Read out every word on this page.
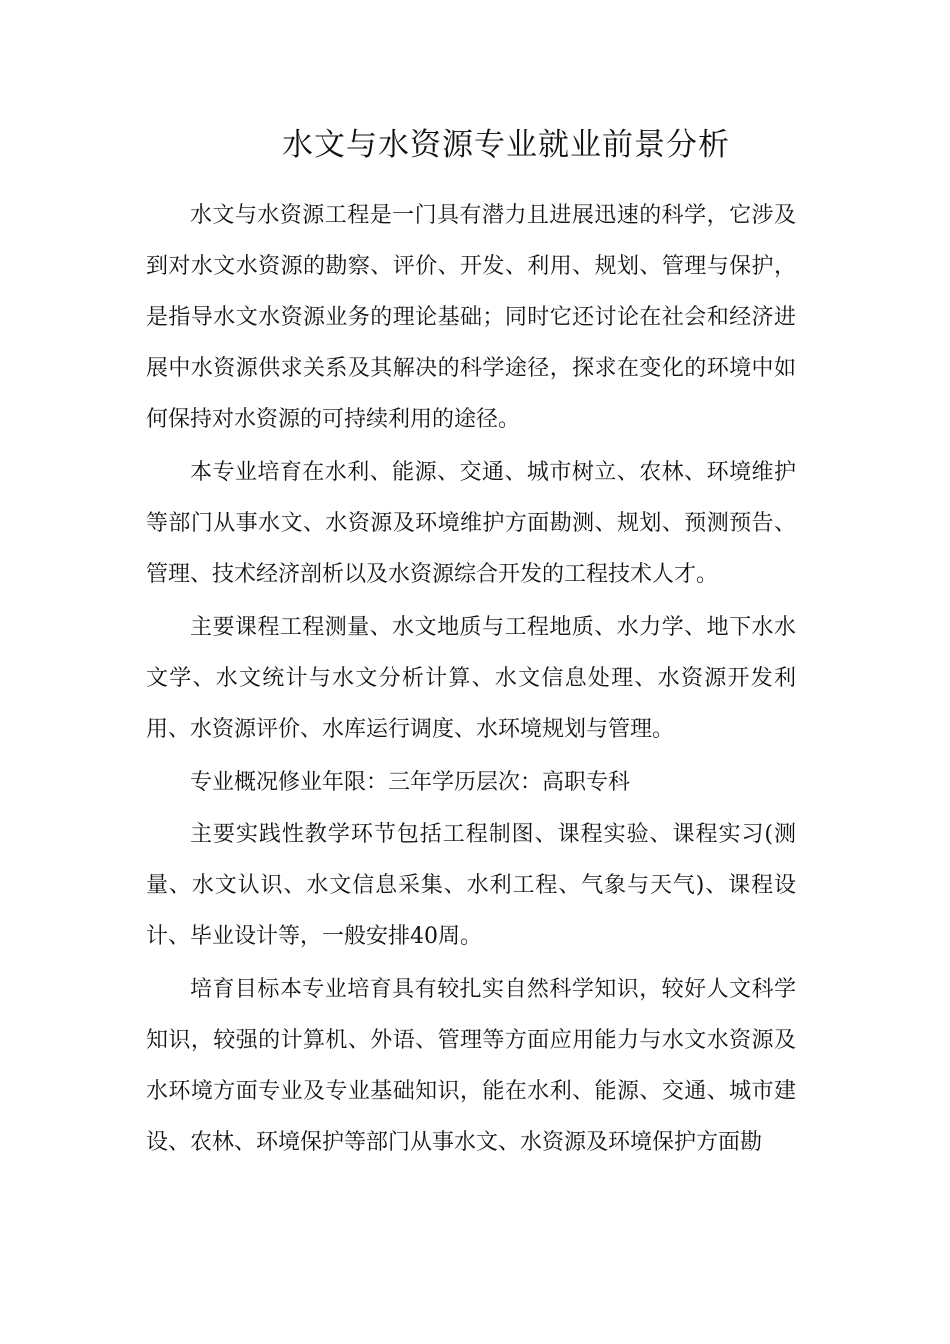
水文与水资源专业就业前景分析

水文与水资源工程是一门具有潜力且进展迅速的科学，它涉及到对水文水资源的勘察、评价、开发、利用、规划、管理与保护，是指导水文水资源业务的理论基础；同时它还讨论在社会和经济进展中水资源供求关系及其解决的科学途径，探求在变化的环境中如何保持对水资源的可持续利用的途径。

本专业培育在水利、能源、交通、城市树立、农林、环境维护等部门从事水文、水资源及环境维护方面勘测、规划、预测预告、管理、技术经济剖析以及水资源综合开发的工程技术人才。

主要课程工程测量、水文地质与工程地质、水力学、地下水水文学、水文统计与水文分析计算、水文信息处理、水资源开发利用、水资源评价、水库运行调度、水环境规划与管理。

专业概况修业年限：三年学历层次：高职专科

主要实践性教学环节包括工程制图、课程实验、课程实习(测量、水文认识、水文信息采集、水利工程、气象与天气)、课程设计、毕业设计等，一般安排40周。

培育目标本专业培育具有较扎实自然科学知识，较好人文科学知识，较强的计算机、外语、管理等方面应用能力与水文水资源及水环境方面专业及专业基础知识，能在水利、能源、交通、城市建设、农林、环境保护等部门从事水文、水资源及环境保护方面勘
